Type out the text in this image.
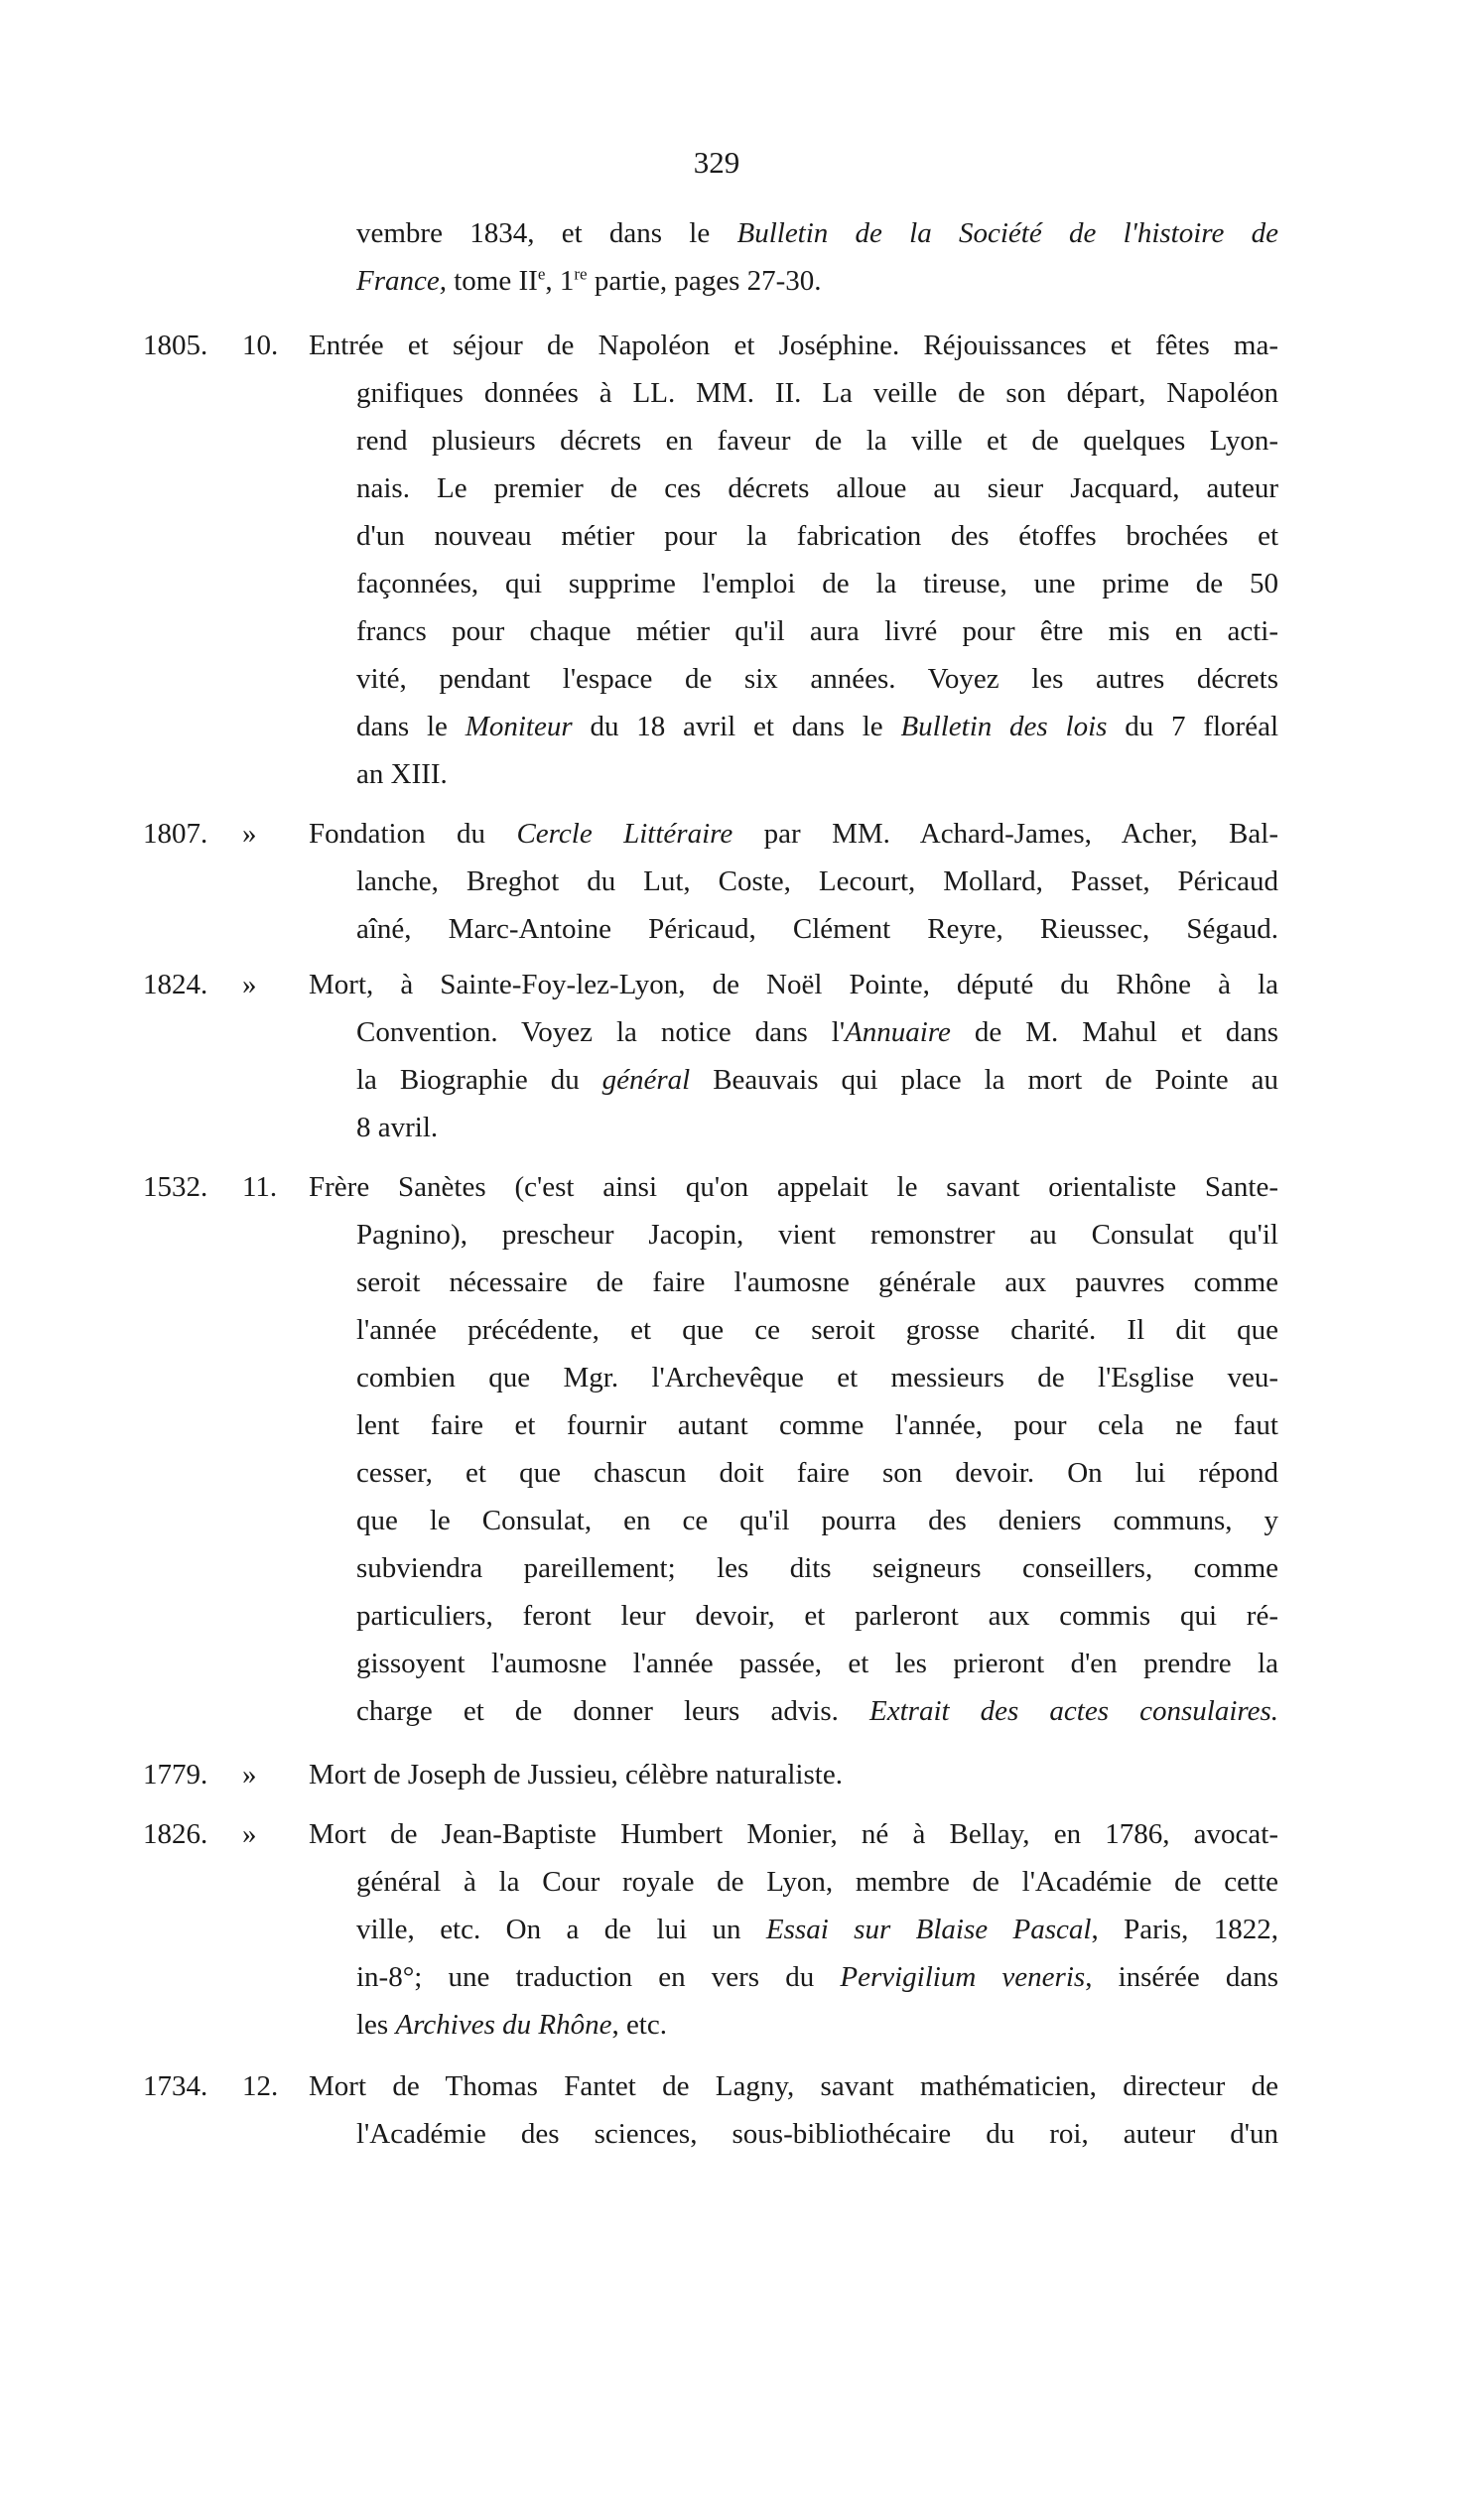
329
vembre 1834, et dans le Bulletin de la Société de l'histoire de
France, tome IIe, 1re partie, pages 27-30.
1805. 10. Entrée et séjour de Napoléon et Joséphine. Réjouissances et fêtes ma-
gnifiques données à LL. MM. II. La veille de son départ, Napoléon
rend plusieurs décrets en faveur de la ville et de quelques Lyon-
nais. Le premier de ces décrets alloue au sieur Jacquard, auteur
d'un nouveau métier pour la fabrication des étoffes brochées et
façonnées, qui supprime l'emploi de la tireuse, une prime de 50
francs pour chaque métier qu'il aura livré pour être mis en acti-
vité, pendant l'espace de six années. Voyez les autres décrets
dans le Moniteur du 18 avril et dans le Bulletin des lois du 7 floréal
an XIII.
1807. » Fondation du Cercle Littéraire par MM. Achard-James, Acher, Bal-
lanche, Breghot du Lut, Coste, Lecourt, Mollard, Passet, Péricaud
aîné, Marc-Antoine Péricaud, Clément Reyre, Rieussec, Ségaud.
1824. » Mort, à Sainte-Foy-lez-Lyon, de Noël Pointe, député du Rhône à la
Convention. Voyez la notice dans l'Annuaire de M. Mahul et dans
la Biographie du général Beauvais qui place la mort de Pointe au
8 avril.
1532. 11. Frère Sanètes (c'est ainsi qu'on appelait le savant orientaliste Sante-
Pagnino), prescheur Jacopin, vient remonstrer au Consulat qu'il
seroit nécessaire de faire l'aumosne générale aux pauvres comme
l'année précédente, et que ce seroit grosse charité. Il dit que
combien que Mgr. l'Archevêque et messieurs de l'Esglise veu-
lent faire et fournir autant comme l'année, pour cela ne faut
cesser, et que chascun doit faire son devoir. On lui répond
que le Consulat, en ce qu'il pourra des deniers communs, y
subviendra pareillement; les dits seigneurs conseillers, comme
particuliers, feront leur devoir, et parleront aux commis qui ré-
gissoyent l'aumosne l'année passée, et les prieront d'en prendre la
charge et de donner leurs advis. Extrait des actes consulaires.
1779. » Mort de Joseph de Jussieu, célèbre naturaliste.
1826. » Mort de Jean-Baptiste Humbert Monier, né à Bellay, en 1786, avocat-
général à la Cour royale de Lyon, membre de l'Académie de cette
ville, etc. On a de lui un Essai sur Blaise Pascal, Paris, 1822,
in-8°; une traduction en vers du Pervigilium veneris, insérée dans
les Archives du Rhône, etc.
1734. 12. Mort de Thomas Fantet de Lagny, savant mathématicien, directeur de
l'Académie des sciences, sous-bibliothécaire du roi, auteur d'un
